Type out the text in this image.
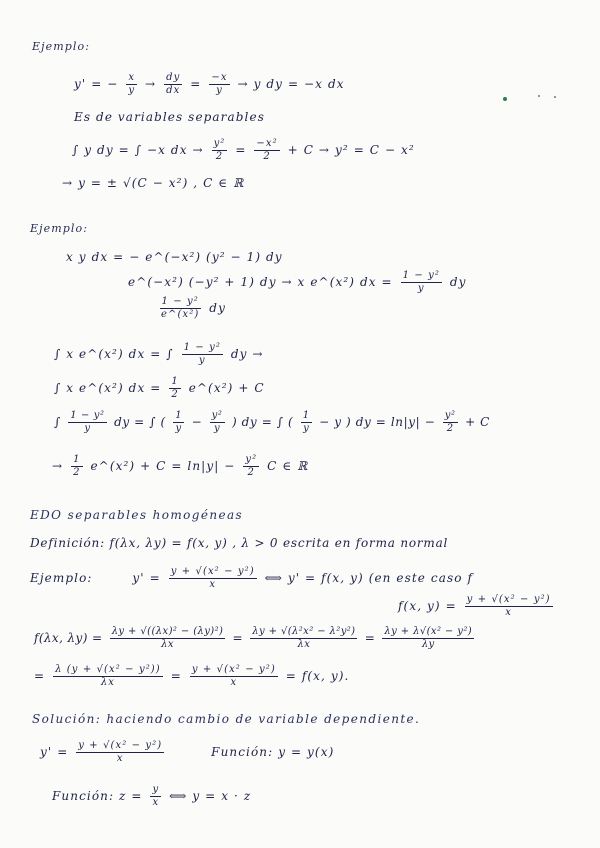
Ejemplo:
y' = − $\frac{x}{y} \to \frac{dy}{dx} = \frac{-x}{y} \to y$ dy = −x dx
Es de variables separables
∫ y dy = ∫ −x dx → $\frac{\text{y²}}{2} = \frac{\text{−x²}}{2} + C \to y^2 = C - x^2$
→ y = ± √(C − x²) , C ∈ ℝ
Ejemplo:
x y dx = − e^(−x²) (y² − 1) dy
e^(−x²) (−y² + 1) dy → x e^(x²) dx = $\frac{\text{1 − y²}}{y}$ dy
$\frac{\text{1 − y²}}{\text{e\textasciicircum{}(x²)}}$ dy
∫ x e^(x²) dx = ∫ $\frac{\text{1 − y²}}{y}$ dy →
∫ x e^(x²) dx = $\frac{1}{2}$ e^(x²) + C
∫ $\frac{\text{1 − y²}}{y}$ dy = ∫ ( $\frac{1}{y} - \frac{\text{y²}}{y}$ ) dy = ∫ ( $\frac{1}{y} - y$ ) dy = $\ln|y| - \frac{\text{y²}}{2} + C$
→ $\frac{1}{2}$ e^(x²) + $C = \ln|y| - \frac{\text{y²}}{2}$ C ∈ ℝ
EDO separables homogéneas
Definición: f(λx, λy) = f(x, y) , λ > 0 escrita en forma normal
Ejemplo:	$y' = \frac{\text{y + √(x² − y²)}}{x}$ ⟺ y' = f(x, y) (en este caso f
f(x, $y) = \frac{\text{y + √(x² − y²)}}{x}$
f(λx, $\lambda y) = \frac{\text{λy + √((λx)² − (λy)²)}}{\lambda x} = \frac{\text{λy + √(λ²x² − λ²y²)}}{\lambda x} = \frac{\text{λy + λ√(x² − y²)}}{\lambda y}$
= $\frac{\text{λ (y + √(x² − y²))}}{\lambda x} = \frac{\text{y + √(x² − y²)}}{x} = f(x$, y).
Solución: haciendo cambio de variable dependiente.
$y' = \frac{\text{y + √(x² − y²)}}{x}$	Función: y = y(x)
Función: $z = \frac{y}{x}$ ⟺ y = x · z
